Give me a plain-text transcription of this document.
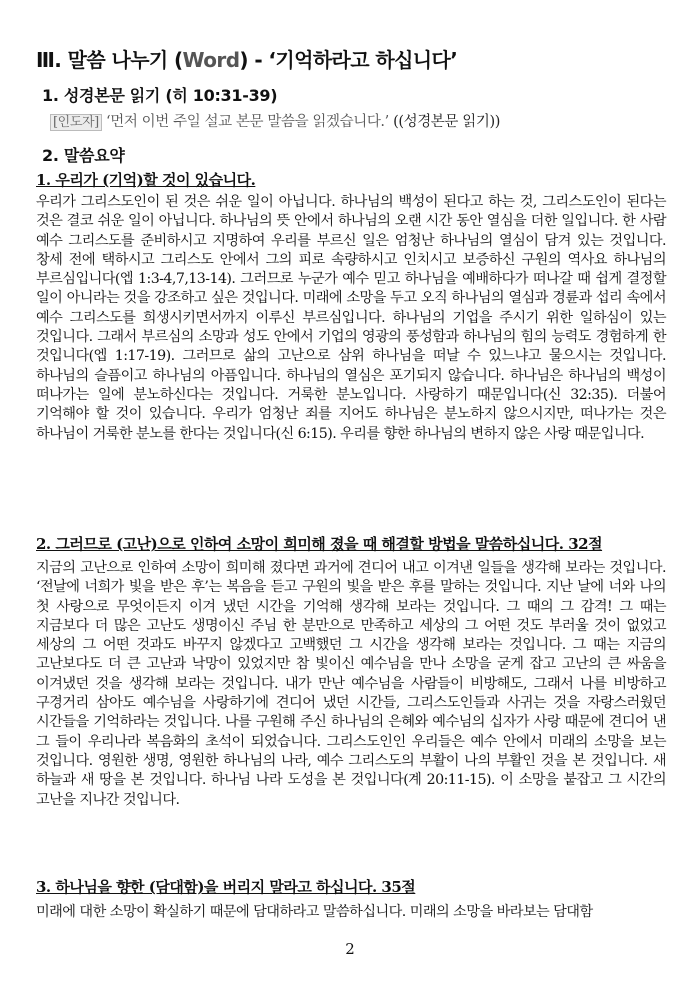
Ⅲ. 말씀 나누기 (Word) - ‘기억하라고 하십니다’
1. 성경본문 읽기 (히 10:31-39)
[인도자] ‘먼저 이번 주일 설교 본문 말씀을 읽겠습니다.’ ((성경본문 읽기))
2. 말씀요약
1. 우리가 (기억)할 것이 있습니다.
우리가 그리스도인이 된 것은 쉬운 일이 아닙니다. 하나님의 백성이 된다고 하는 것, 그리스도인이 된다는 것은 결코 쉬운 일이 아닙니다. 하나님의 뜻 안에서 하나님의 오랜 시간 동안 열심을 더한 일입니다. 한 사람 예수 그리스도를 준비하시고 지명하여 우리를 부르신 일은 엄청난 하나님의 열심이 담겨 있는 것입니다. 창세 전에 택하시고 그리스도 안에서 그의 피로 속량하시고 인치시고 보증하신 구원의 역사요 하나님의 부르심입니다(엡 1:3-4,7,13-14). 그러므로 누군가 예수 믿고 하나님을 예배하다가 떠나갈 때 쉽게 결정할 일이 아니라는 것을 강조하고 싶은 것입니다. 미래에 소망을 두고 오직 하나님의 열심과 경륜과 섭리 속에서 예수 그리스도를 희생시키면서까지 이루신 부르심입니다. 하나님의 기업을 주시기 위한 일하심이 있는 것입니다. 그래서 부르심의 소망과 성도 안에서 기업의 영광의 풍성함과 하나님의 힘의 능력도 경험하게 한 것입니다(엡 1:17-19). 그러므로 삶의 고난으로 삼위 하나님을 떠날 수 있느냐고 물으시는 것입니다. 하나님의 슬픔이고 하나님의 아픔입니다. 하나님의 열심은 포기되지 않습니다. 하나님은 하나님의 백성이 떠나가는 일에 분노하신다는 것입니다. 거룩한 분노입니다. 사랑하기 때문입니다(신 32:35). 더불어 기억해야 할 것이 있습니다. 우리가 엄청난 죄를 지어도 하나님은 분노하지 않으시지만, 떠나가는 것은 하나님이 거룩한 분노를 한다는 것입니다(신 6:15). 우리를 향한 하나님의 변하지 않은 사랑 때문입니다.
2. 그러므로 (고난)으로 인하여 소망이 희미해 졌을 때 해결할 방법을 말씀하십니다. 32절
지금의 고난으로 인하여 소망이 희미해 졌다면 과거에 견디어 내고 이겨낸 일들을 생각해 보라는 것입니다. ‘전날에 너희가 빛을 받은 후’는 복음을 듣고 구원의 빛을 받은 후를 말하는 것입니다. 지난 날에 너와 나의 첫 사랑으로 무엇이든지 이겨 냈던 시간을 기억해 생각해 보라는 것입니다. 그 때의 그 감격! 그 때는 지금보다 더 많은 고난도 생명이신 주님 한 분만으로 만족하고 세상의 그 어떤 것도 부러울 것이 없었고 세상의 그 어떤 것과도 바꾸지 않겠다고 고백했던 그 시간을 생각해 보라는 것입니다. 그 때는 지금의 고난보다도 더 큰 고난과 낙망이 있었지만 참 빛이신 예수님을 만나 소망을 굳게 잡고 고난의 큰 싸움을 이겨냈던 것을 생각해 보라는 것입니다. 내가 만난 예수님을 사람들이 비방해도, 그래서 나를 비방하고 구경거리 삼아도 예수님을 사랑하기에 견디어 냈던 시간들, 그리스도인들과 사귀는 것을 자랑스러웠던 시간들을 기억하라는 것입니다. 나를 구원해 주신 하나님의 은혜와 예수님의 십자가 사랑 때문에 견디어 낸 그 들이 우리나라 복음화의 초석이 되었습니다. 그리스도인인 우리들은 예수 안에서 미래의 소망을 보는 것입니다. 영원한 생명, 영원한 하나님의 나라, 예수 그리스도의 부활이 나의 부활인 것을 본 것입니다. 새 하늘과 새 땅을 본 것입니다. 하나님 나라 도성을 본 것입니다(계 20:11-15). 이 소망을 붙잡고 그 시간의 고난을 지나간 것입니다.
3. 하나님을 향한 (담대함)을 버리지 말라고 하십니다. 35절
미래에 대한 소망이 확실하기 때문에 담대하라고 말씀하십니다. 미래의 소망을 바라보는 담대함
2
